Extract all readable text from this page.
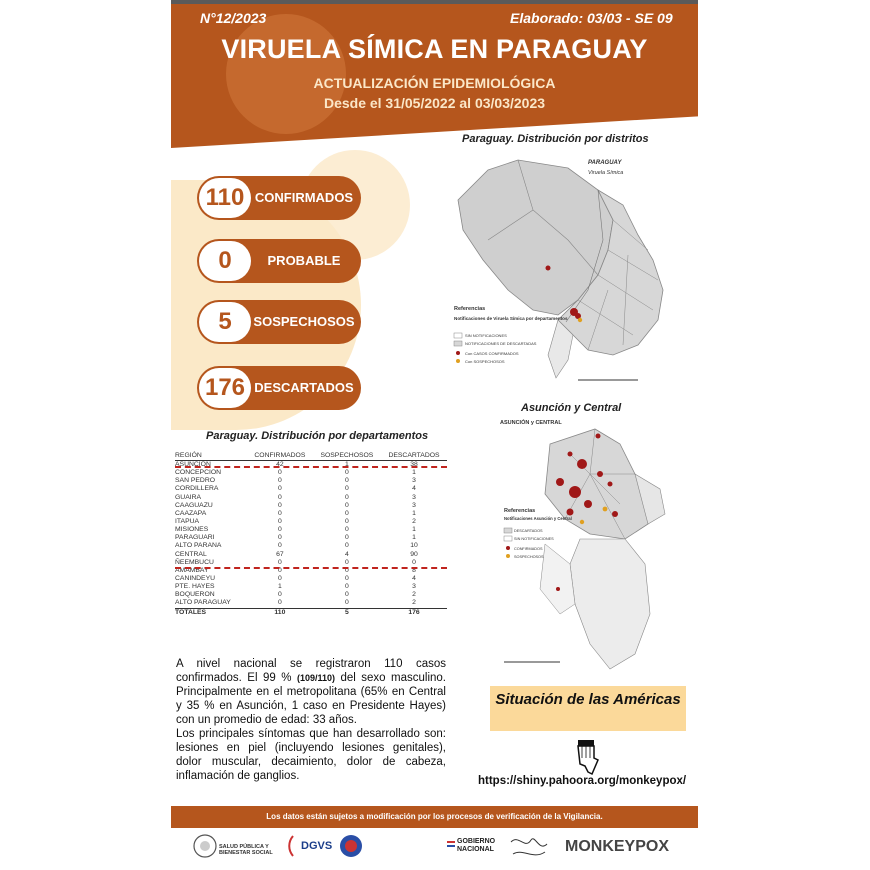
N°12/2023	Elaborado: 03/03 - SE 09
VIRUELA SÍMICA EN PARAGUAY
ACTUALIZACIÓN EPIDEMIOLÓGICA
Desde el 31/05/2022 al 03/03/2023
110 CONFIRMADOS
0	PROBABLE
5	SOSPECHOSOS
176 DESCARTADOS
Paraguay. Distribución por departamentos
REGIÓN	CONFIRMADOS	SOSPECHOSOS	DESCARTADOS
ASUNCION	42	1	38
CONCEPCION	0	0	1
SAN PEDRO	0	0	3
CORDILLERA	0	0	4
GUAIRA	0	0	3
CAAGUAZU	0	0	3
CAAZAPA	0	0	1
ITAPUA	0	0	2
MISIONES	0	0	1
PARAGUARI	0	0	1
ALTO PARANA	0	0	10
CENTRAL	67	4	90
ÑEEMBUCU	0	0	0
AMAMBAY	0	0	8
CANINDEYU	0	0	4
PTE. HAYES	1	0	3
BOQUERON	0	0	2
ALTO PARAGUAY	0	0	2
TOTALES	110	5	176
A nivel nacional se registraron 110 casos confirmados. El 99 % (109/110) del sexo masculino. Principalmente en el metropolitana (65% en Central y 35 % en Asunción, 1 caso en Presidente Hayes) con un promedio de edad: 33 años.
Los principales síntomas que han desarrollado son: lesiones en piel (incluyendo lesiones genitales), dolor muscular, decaimiento, dolor de cabeza, inflamación de ganglios.
Paraguay. Distribución por distritos
PARAGUAY
Viruela Símica
Referencias
Notificaciones de Viruela Símica por departamentos
SIN NOTIFICACIONES
NOTIFICACIONES DE DESCARTADAS
Con CASOS CONFIRMADOS
Con SOSPECHOSOS
Asunción y Central
ASUNCIÓN y CENTRAL
Referencias
Notificaciones Asunción y Central
DESCARTADOS
SIN NOTIFICACIONES
CONFIRMADOS
SOSPECHOSOS
Situación de las Américas
https://shiny.pahoora.org/monkeypox/
Los datos están sujetos a modificación por los procesos de verificación de la Vigilancia.
SALUD PÚBLICA Y BIENESTAR SOCIAL
DGVS	GOBIERNO NACIONAL	MONKEYPOX
